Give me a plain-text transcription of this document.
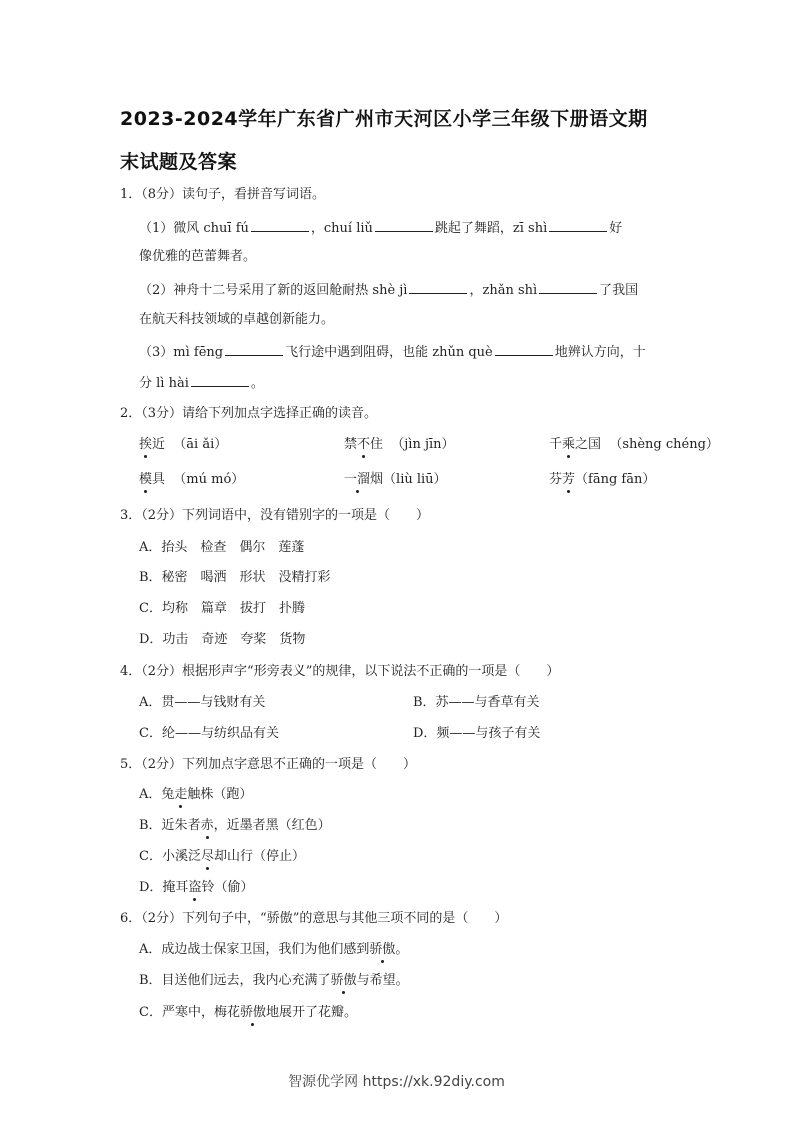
2023-2024学年广东省广州市天河区小学三年级下册语文期
末试题及答案
1．（8分）读句子，看拼音写词语。
（1）微风 chuī fú	，chuí liǔ	跳起了舞蹈，zī shì	好
像优雅的芭蕾舞者。
（2）神舟十二号采用了新的返回舱耐热 shè jì	，zhǎn shì	了我国
在航天科技领域的卓越创新能力。
（3）mì fēng	飞行途中遇到阻碍，也能 zhǔn què	地辨认方向，十
分 lì hài	。
2．（3分）请给下列加点字选择正确的读音。
挨近 （āi ǎi）	禁不住 （jìn jīn）	千乘之国 （shèng chéng）
模具 （mú mó）	一溜烟（liù liū）	芬芳（fāng fān）
3．（2分）下列词语中，没有错别字的一项是（　　）
A．抬头　检查　偶尔　莲蓬
B．秘密　喝洒　形状　没精打彩
C．均称　篇章　拔打　扑腾
D．功击　奇迹　夸桨　货物
4．（2分）根据形声字“形旁表义”的规律，以下说法不正确的一项是（　　）
A．贯——与钱财有关	B．苏——与香草有关
C．纶——与纺织品有关	D．频——与孩子有关
5．（2分）下列加点字意思不正确的一项是（　　）
A．兔走触株（跑）
B．近朱者赤，近墨者黑（红色）
C．小溪泛尽却山行（停止）
D．掩耳盗铃（偷）
6．（2分）下列句子中，“骄傲”的意思与其他三项不同的是（　　）
A．成边战士保家卫国，我们为他们感到骄傲。
B．目送他们远去，我内心充满了骄傲与希望。
C．严寒中，梅花骄傲地展开了花瓣。
智源优学网 https://xk.92diy.com
